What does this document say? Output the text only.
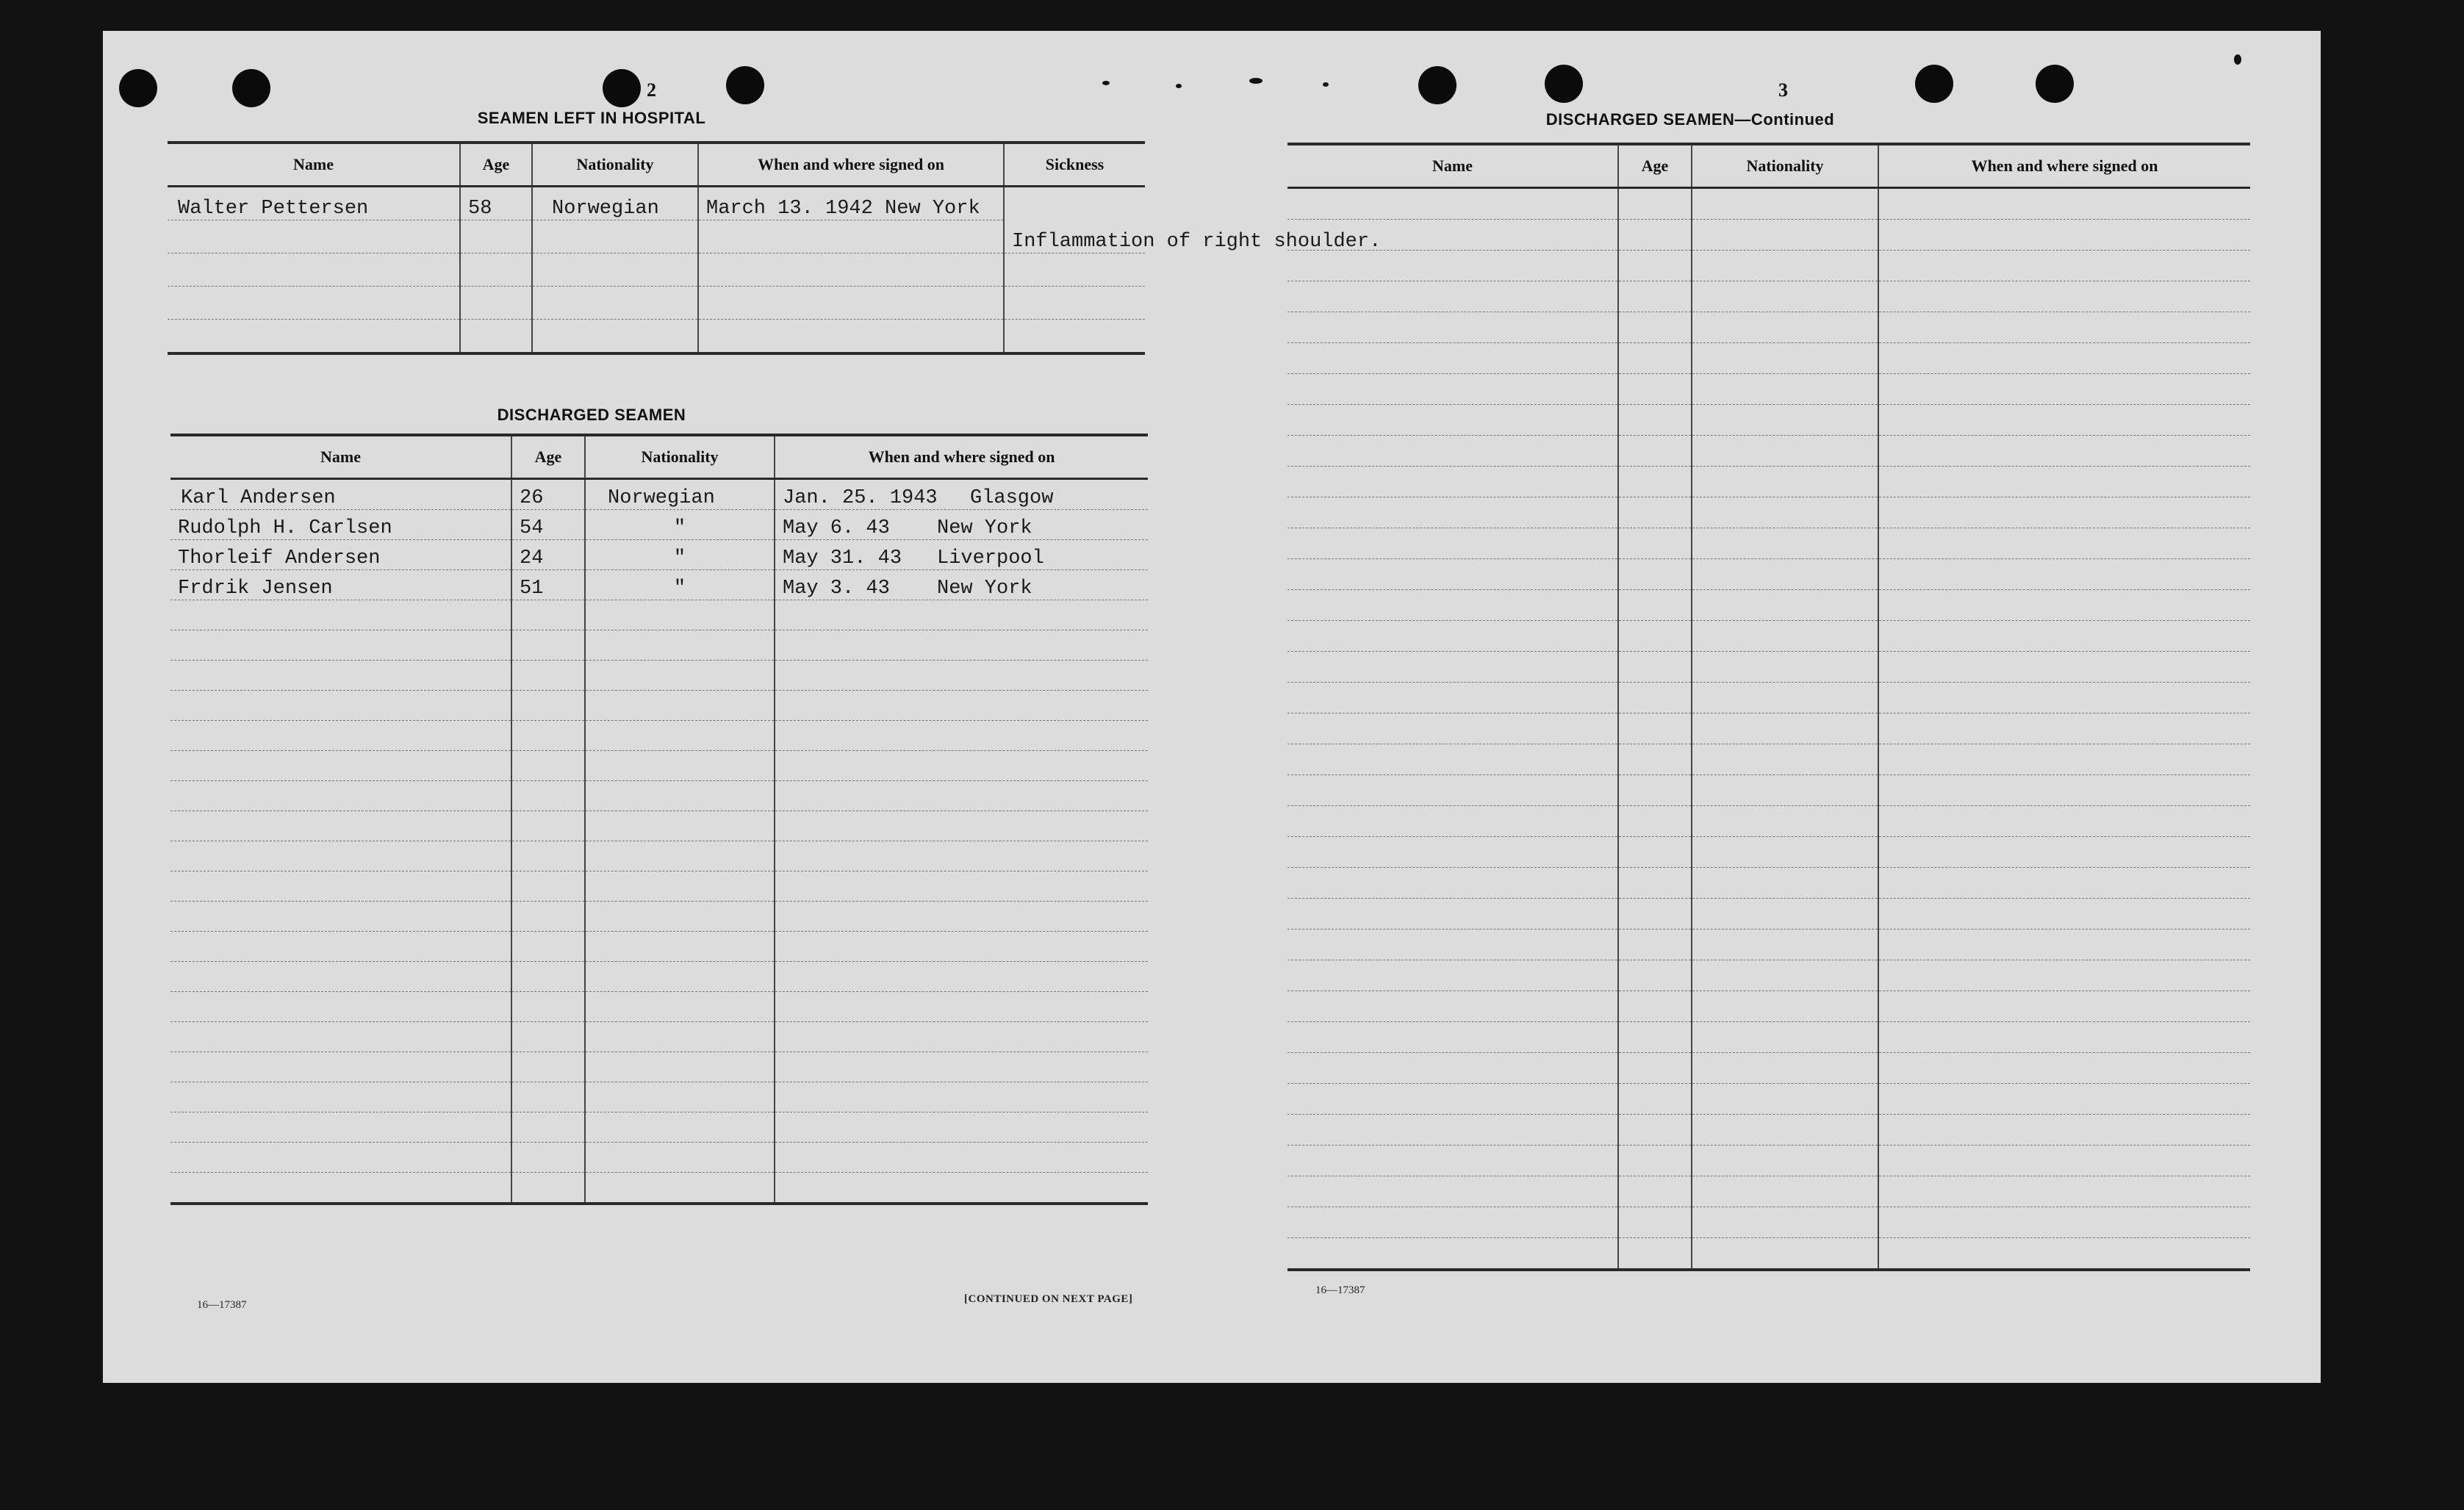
2
SEAMEN LEFT IN HOSPITAL
Name	Age	Nationality	When and where signed on	Sickness
Walter Pettersen	58	Norwegian	March 13. 1942 New York	Inflammation of right shoulder.

DISCHARGED SEAMEN
Name	Age	Nationality	When and where signed on
Karl Andersen	26	Norwegian	Jan. 25. 1943 Glasgow
Rudolph H. Carlsen	54	"	May 6. 43 New York
Thorleif Andersen	24	"	May 31. 43 Liverpool
Frdrik Jensen	51	"	May 3. 43 New York

16—17387	[CONTINUED ON NEXT PAGE]
3
DISCHARGED SEAMEN—Continued
Name	Age	Nationality	When and where signed on

16—17387
